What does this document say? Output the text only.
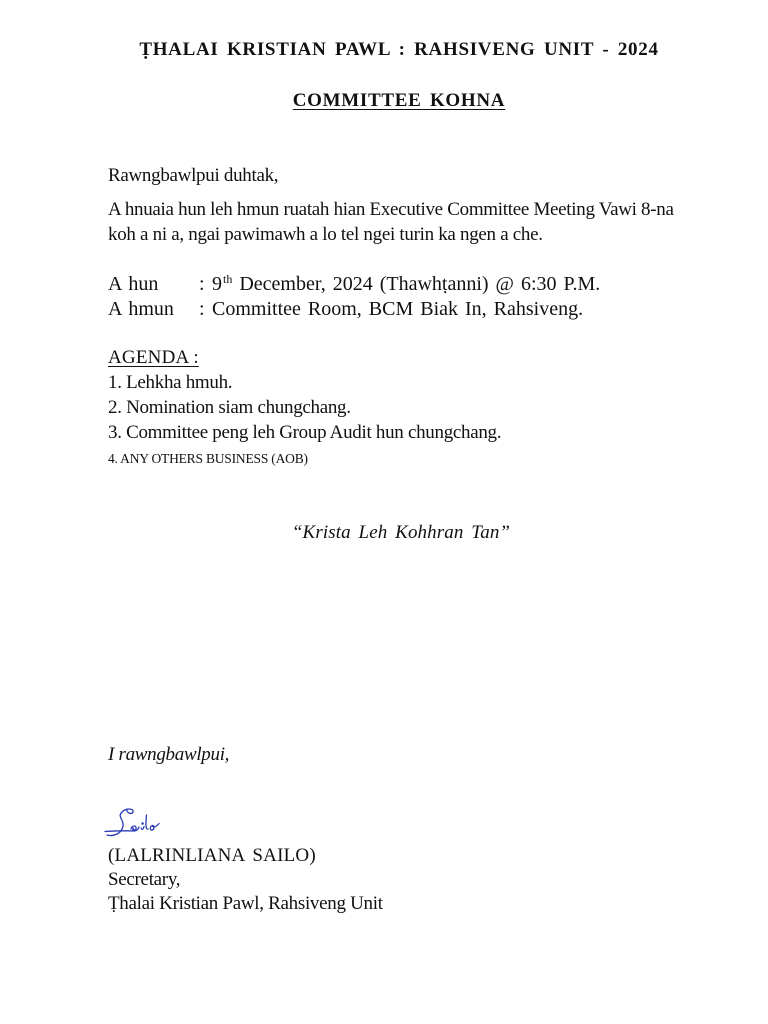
ṬHALAI KRISTIAN PAWL : RAHSIVENG UNIT - 2024
COMMITTEE KOHNA
Rawngbawlpui duhtak,
A hnuaia hun leh hmun ruatah hian Executive Committee Meeting Vawi 8-na
koh a ni a, ngai pawimawh a lo tel ngei turin ka ngen a che.
A hun : 9th December, 2024 (Thawhṭanni) @ 6:30 P.M.
A hmun : Committee Room, BCM Biak In, Rahsiveng.
AGENDA :
1. Lehkha hmuh.
2. Nomination siam chungchang.
3. Committee peng leh Group Audit hun chungchang.
4. ANY OTHERS BUSINESS (AOB)
“Krista Leh Kohhran Tan”
I rawngbawlpui,
(LALRINLIANA SAILO)
Secretary,
Ṭhalai Kristian Pawl, Rahsiveng Unit
